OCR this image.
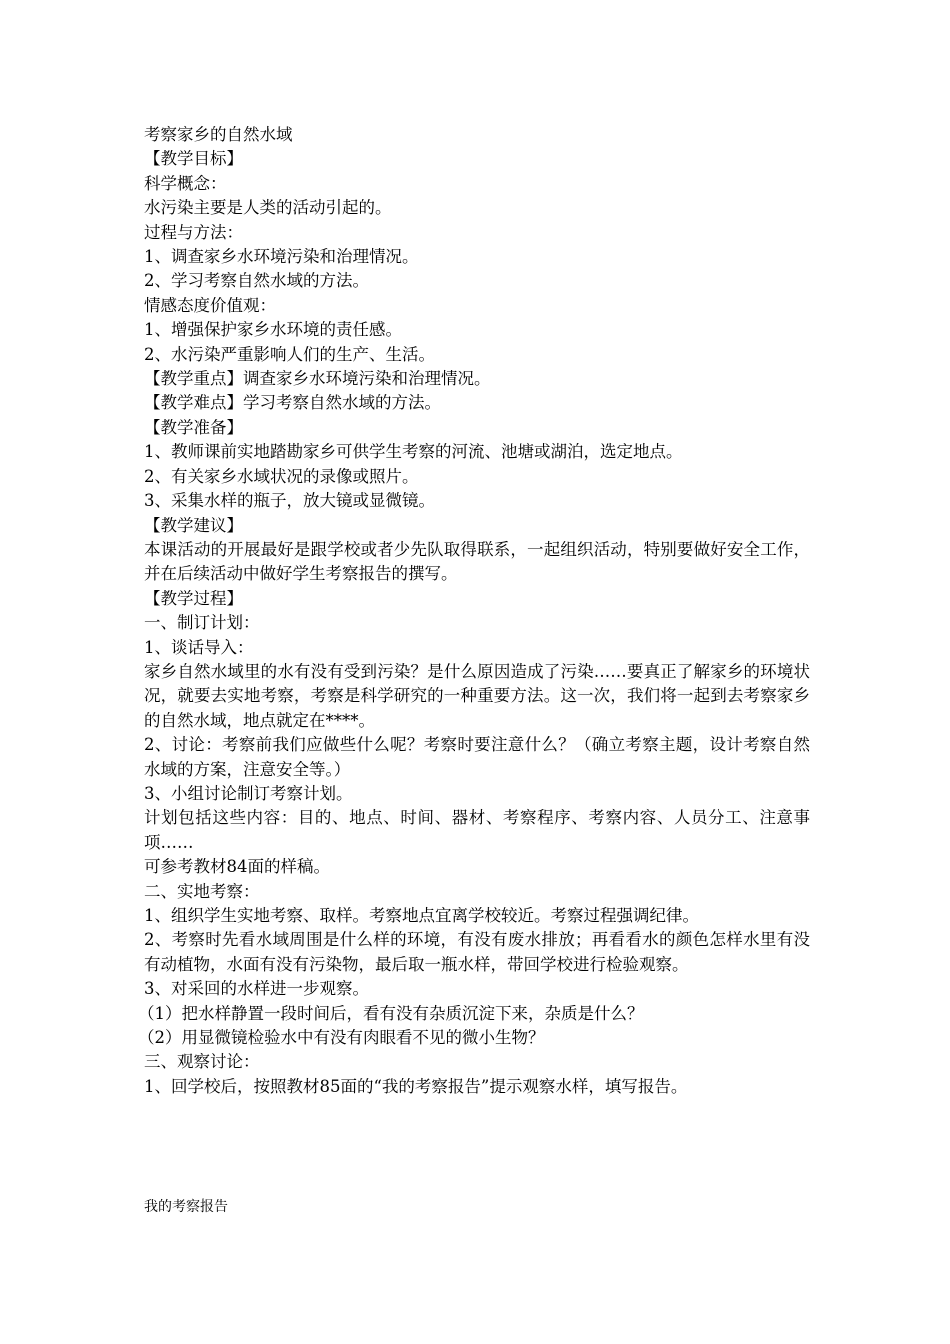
考察家乡的自然水域

【教学目标】

科学概念：

水污染主要是人类的活动引起的。

过程与方法：

1、调查家乡水环境污染和治理情况。

2、学习考察自然水域的方法。

情感态度价值观：

1、增强保护家乡水环境的责任感。

2、水污染严重影响人们的生产、生活。

【教学重点】调查家乡水环境污染和治理情况。

【教学难点】学习考察自然水域的方法。

【教学准备】

1、教师课前实地踏勘家乡可供学生考察的河流、池塘或湖泊，选定地点。

2、有关家乡水域状况的录像或照片。

3、采集水样的瓶子，放大镜或显微镜。

【教学建议】

本课活动的开展最好是跟学校或者少先队取得联系，一起组织活动，特别要做好安全工作，并在后续活动中做好学生考察报告的撰写。

【教学过程】

一、制订计划：

1、谈话导入：

家乡自然水域里的水有没有受到污染？是什么原因造成了污染……要真正了解家乡的环境状况，就要去实地考察，考察是科学研究的一种重要方法。这一次，我们将一起到去考察家乡的自然水域，地点就定在****。

2、讨论：考察前我们应做些什么呢？考察时要注意什么？（确立考察主题，设计考察自然水域的方案，注意安全等。）

3、小组讨论制订考察计划。

计划包括这些内容：目的、地点、时间、器材、考察程序、考察内容、人员分工、注意事项……

可参考教材84面的样稿。

二、实地考察：

1、组织学生实地考察、取样。考察地点宜离学校较近。考察过程强调纪律。

2、考察时先看水域周围是什么样的环境，有没有废水排放；再看看水的颜色怎样水里有没有动植物，水面有没有污染物，最后取一瓶水样，带回学校进行检验观察。

3、对采回的水样进一步观察。

（1）把水样静置一段时间后，看有没有杂质沉淀下来，杂质是什么？

（2）用显微镜检验水中有没有肉眼看不见的微小生物？

三、观察讨论：

1、回学校后，按照教材85面的“我的考察报告”提示观察水样，填写报告。

我的考察报告
